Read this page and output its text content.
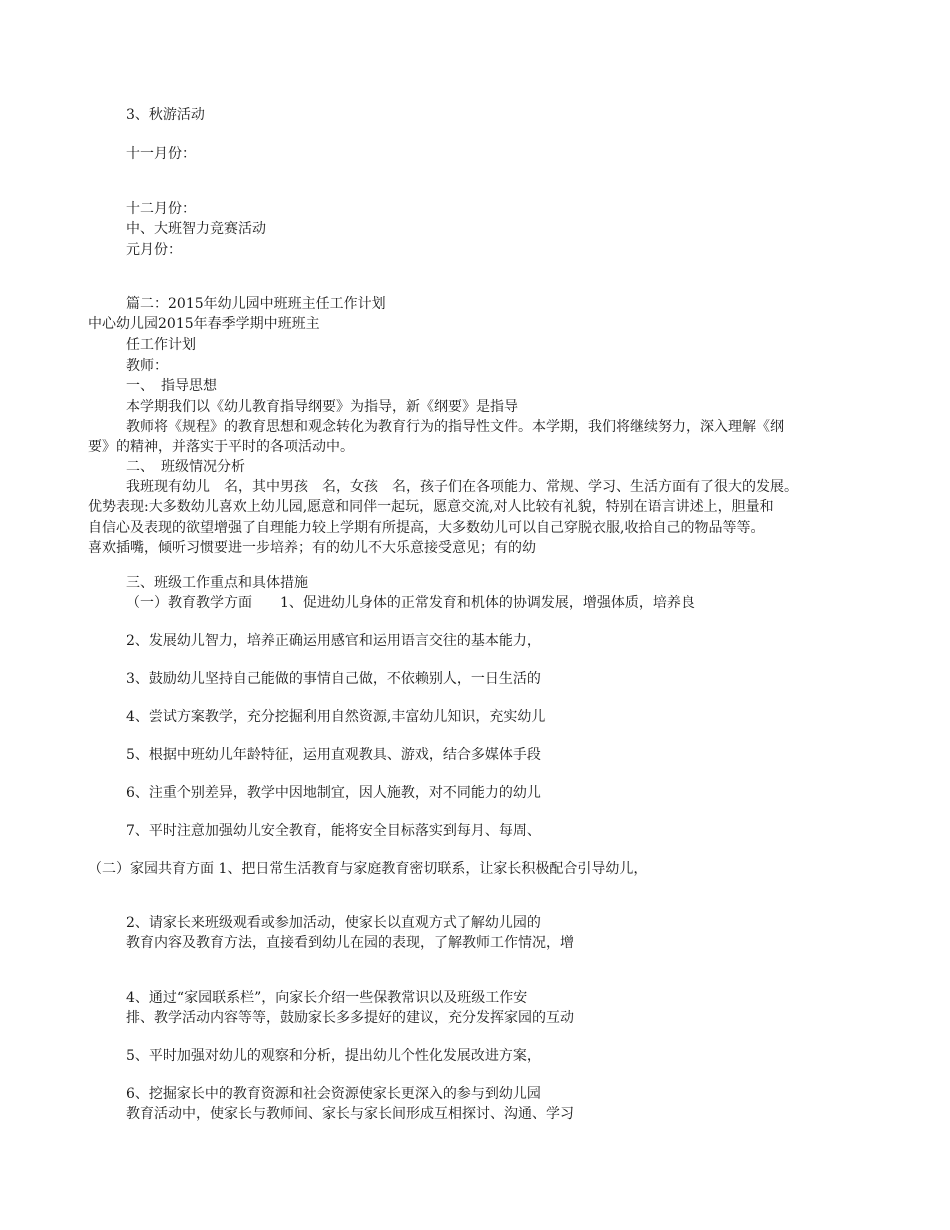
3、秋游活动
十一月份：
十二月份：
中、大班智力竞赛活动
元月份：
篇二：2015年幼儿园中班班主任工作计划
中心幼儿园2015年春季学期中班班主
任工作计划
教师：
一、　指导思想
本学期我们以《幼儿教育指导纲要》为指导，新《纲要》是指导
教师将《规程》的教育思想和观念转化为教育行为的指导性文件。本学期，我们将继续努力，深入理解《纲
要》的精神，并落实于平时的各项活动中。
二、　班级情况分析
我班现有幼儿　名，其中男孩　名，女孩　名，孩子们在各项能力、常规、学习、生活方面有了很大的发展。
优势表现:大多数幼儿喜欢上幼儿园,愿意和同伴一起玩，愿意交流,对人比较有礼貌，特别在语言讲述上，胆量和
自信心及表现的欲望增强了自理能力较上学期有所提高，大多数幼儿可以自己穿脱衣服,收拾自己的物品等等。
喜欢插嘴，倾听习惯要进一步培养；有的幼儿不大乐意接受意见；有的幼
三、班级工作重点和具体措施
（一）教育教学方面　　1、促进幼儿身体的正常发育和机体的协调发展，增强体质，培养良
2、发展幼儿智力，培养正确运用感官和运用语言交往的基本能力，
3、鼓励幼儿坚持自己能做的事情自己做，不依赖别人，一日生活的
4、尝试方案教学，充分挖掘利用自然资源,丰富幼儿知识，充实幼儿
5、根据中班幼儿年龄特征，运用直观教具、游戏，结合多媒体手段
6、注重个别差异，教学中因地制宜，因人施教，对不同能力的幼儿
7、平时注意加强幼儿安全教育，能将安全目标落实到每月、每周、
（二）家园共育方面 1、把日常生活教育与家庭教育密切联系，让家长积极配合引导幼儿，
2、请家长来班级观看或参加活动，使家长以直观方式了解幼儿园的
教育内容及教育方法，直接看到幼儿在园的表现，了解教师工作情况，增
4、通过“家园联系栏”，向家长介绍一些保教常识以及班级工作安
排、教学活动内容等等，鼓励家长多多提好的建议，充分发挥家园的互动
5、平时加强对幼儿的观察和分析，提出幼儿个性化发展改进方案，
6、挖掘家长中的教育资源和社会资源使家长更深入的参与到幼儿园
教育活动中，使家长与教师间、家长与家长间形成互相探讨、沟通、学习
